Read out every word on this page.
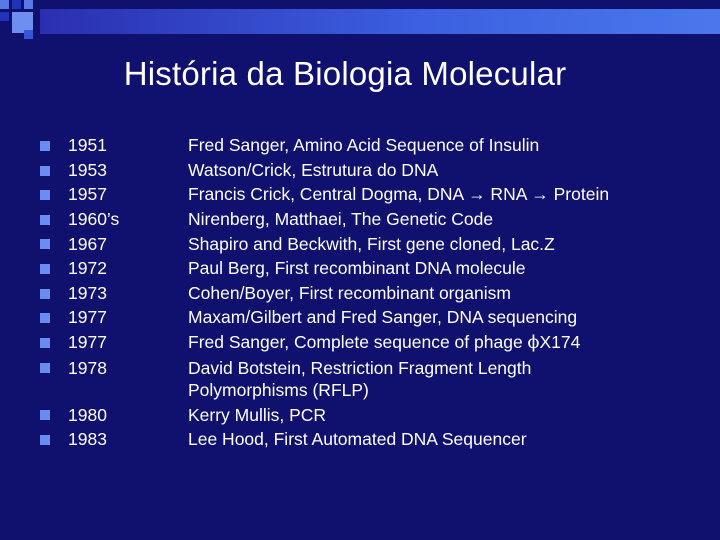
História da Biologia Molecular
1951	Fred Sanger, Amino Acid Sequence of Insulin
1953	Watson/Crick, Estrutura do DNA
1957	Francis Crick, Central Dogma, DNA → RNA → Protein
1960’s	Nirenberg, Matthaei, The Genetic Code
1967	Shapiro and Beckwith, First gene cloned, Lac.Z
1972	Paul Berg, First recombinant DNA molecule
1973	Cohen/Boyer, First recombinant organism
1977	Maxam/Gilbert and Fred Sanger, DNA sequencing
1977	Fred Sanger, Complete sequence of phage ϕX174
1978	David Botstein, Restriction Fragment Length
Polymorphisms (RFLP)
1980	Kerry Mullis, PCR
1983	Lee Hood, First Automated DNA Sequencer
